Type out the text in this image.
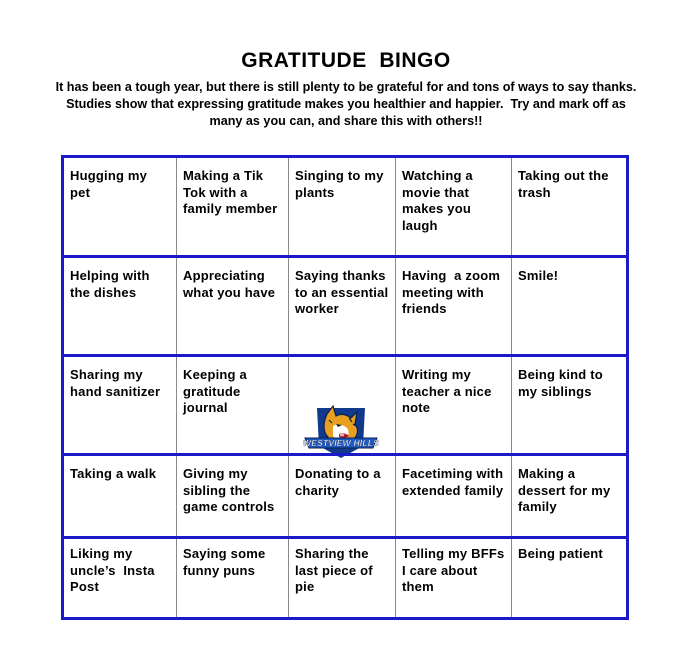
GRATITUDE  BINGO
It has been a tough year, but there is still plenty to be grateful for and tons of ways to say thanks.  Studies show that expressing gratitude makes you healthier and happier.  Try and mark off as many as you can, and share this with others!!
Hugging my pet
Making a Tik Tok with a family member
Singing to my plants
Watching a movie that makes you laugh
Taking out the trash
Helping with the dishes
Appreciating what you have
Saying thanks to an essential worker
Having  a zoom meeting with friends
Smile!
Sharing my hand sanitizer
Keeping a gratitude journal

WESTVIEW HILLS

Writing my teacher a nice note
Being kind to my siblings
Taking a walk	Giving my sibling the game controls
Donating to a charity
Facetiming with extended family
Making a dessert for my family
Liking my uncle’s  Insta Post
Saying some funny puns
Sharing the last piece of pie
Telling my BFFs I care about  them
Being patient
